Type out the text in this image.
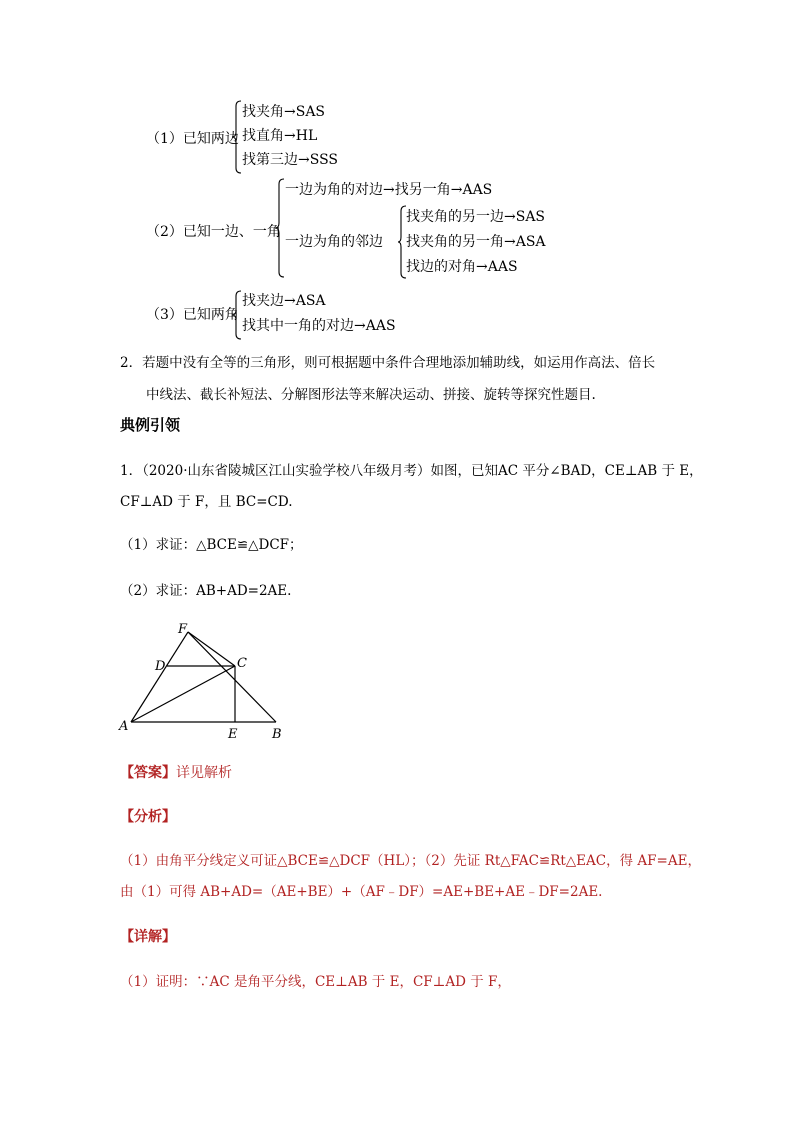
（1）已知两边
找夹角→SAS
找直角→HL
找第三边→SSS
（2）已知一边、一角
一边为角的对边→找另一角→AAS
一边为角的邻边
找夹角的另一边→SAS
找夹角的另一角→ASA
找边的对角→AAS
（3）已知两角
找夹边→ASA
找其中一角的对边→AAS
2．若题中没有全等的三角形，则可根据题中条件合理地添加辅助线，如运用作高法、倍长
中线法、截长补短法、分解图形法等来解决运动、拼接、旋转等探究性题目.
典例引领
1．（2020·山东省陵城区江山实验学校八年级月考）如图，已知AC 平分∠BAD，CE⊥AB 于 E，
CF⊥AD 于 F，且 BC=CD.
（1）求证：△BCE≌△DCF；
（2）求证：AB+AD=2AE.
F
D	C
A
E	B
【答案】详见解析
【分析】
（1）由角平分线定义可证△BCE≌△DCF（HL）；（2）先证 Rt△FAC≌Rt△EAC，得 AF=AE，
由（1）可得 AB+AD=（AE+BE）+（AF﹣DF）=AE+BE+AE﹣DF=2AE.
【详解】
（1）证明：∵AC 是角平分线，CE⊥AB 于 E，CF⊥AD 于 F，
